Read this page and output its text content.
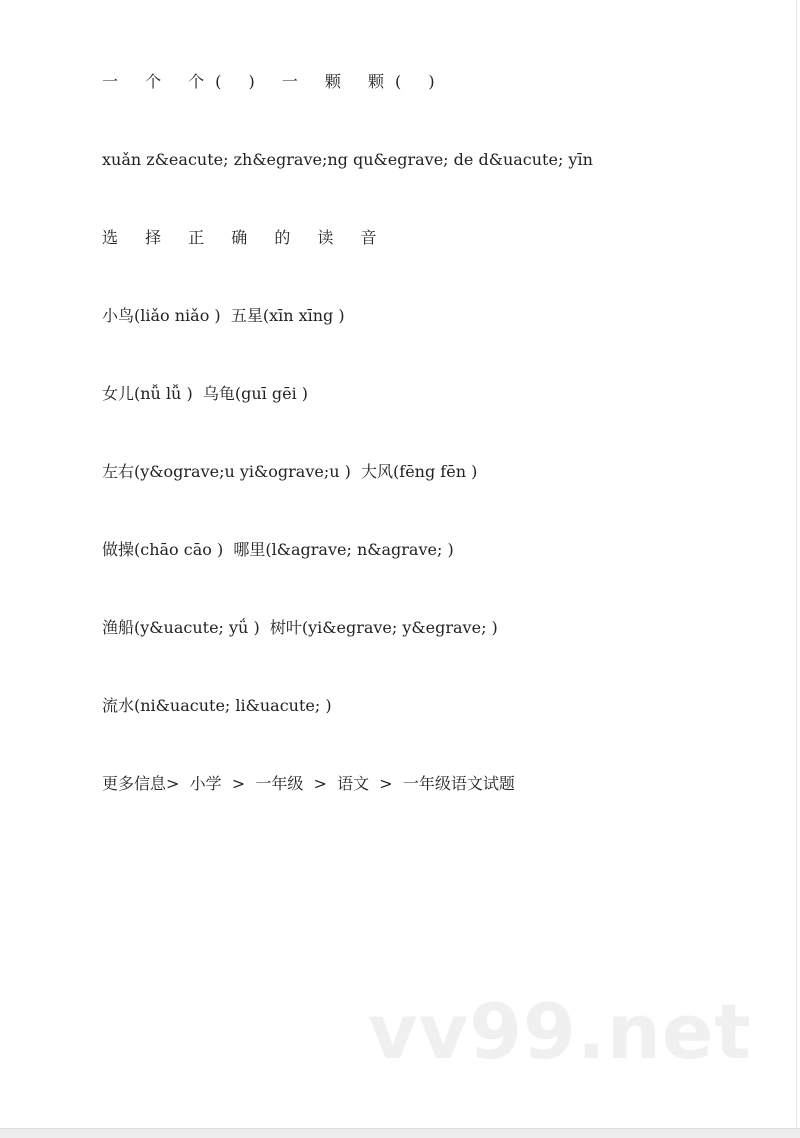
一 个 个( ) 一 颗 颗( )
xuǎn z&eacute; zh&egrave;ng qu&egrave; de d&uacute; yīn
选 择 正 确 的 读 音
小鸟(liǎo niǎo )  五星(xīn xīng )
女儿(nǚ lǚ )  乌龟(guī gēi )
左右(y&ograve;u yi&ograve;u )  大风(fēng fēn )
做操(chāo cāo )  哪里(l&agrave; n&agrave; )
渔船(y&uacute; yǘ )  树叶(yi&egrave; y&egrave; )
流水(ni&uacute; li&uacute; )
更多信息>  小学  >  一年级  >  语文  >  一年级语文试题
vv99.net
